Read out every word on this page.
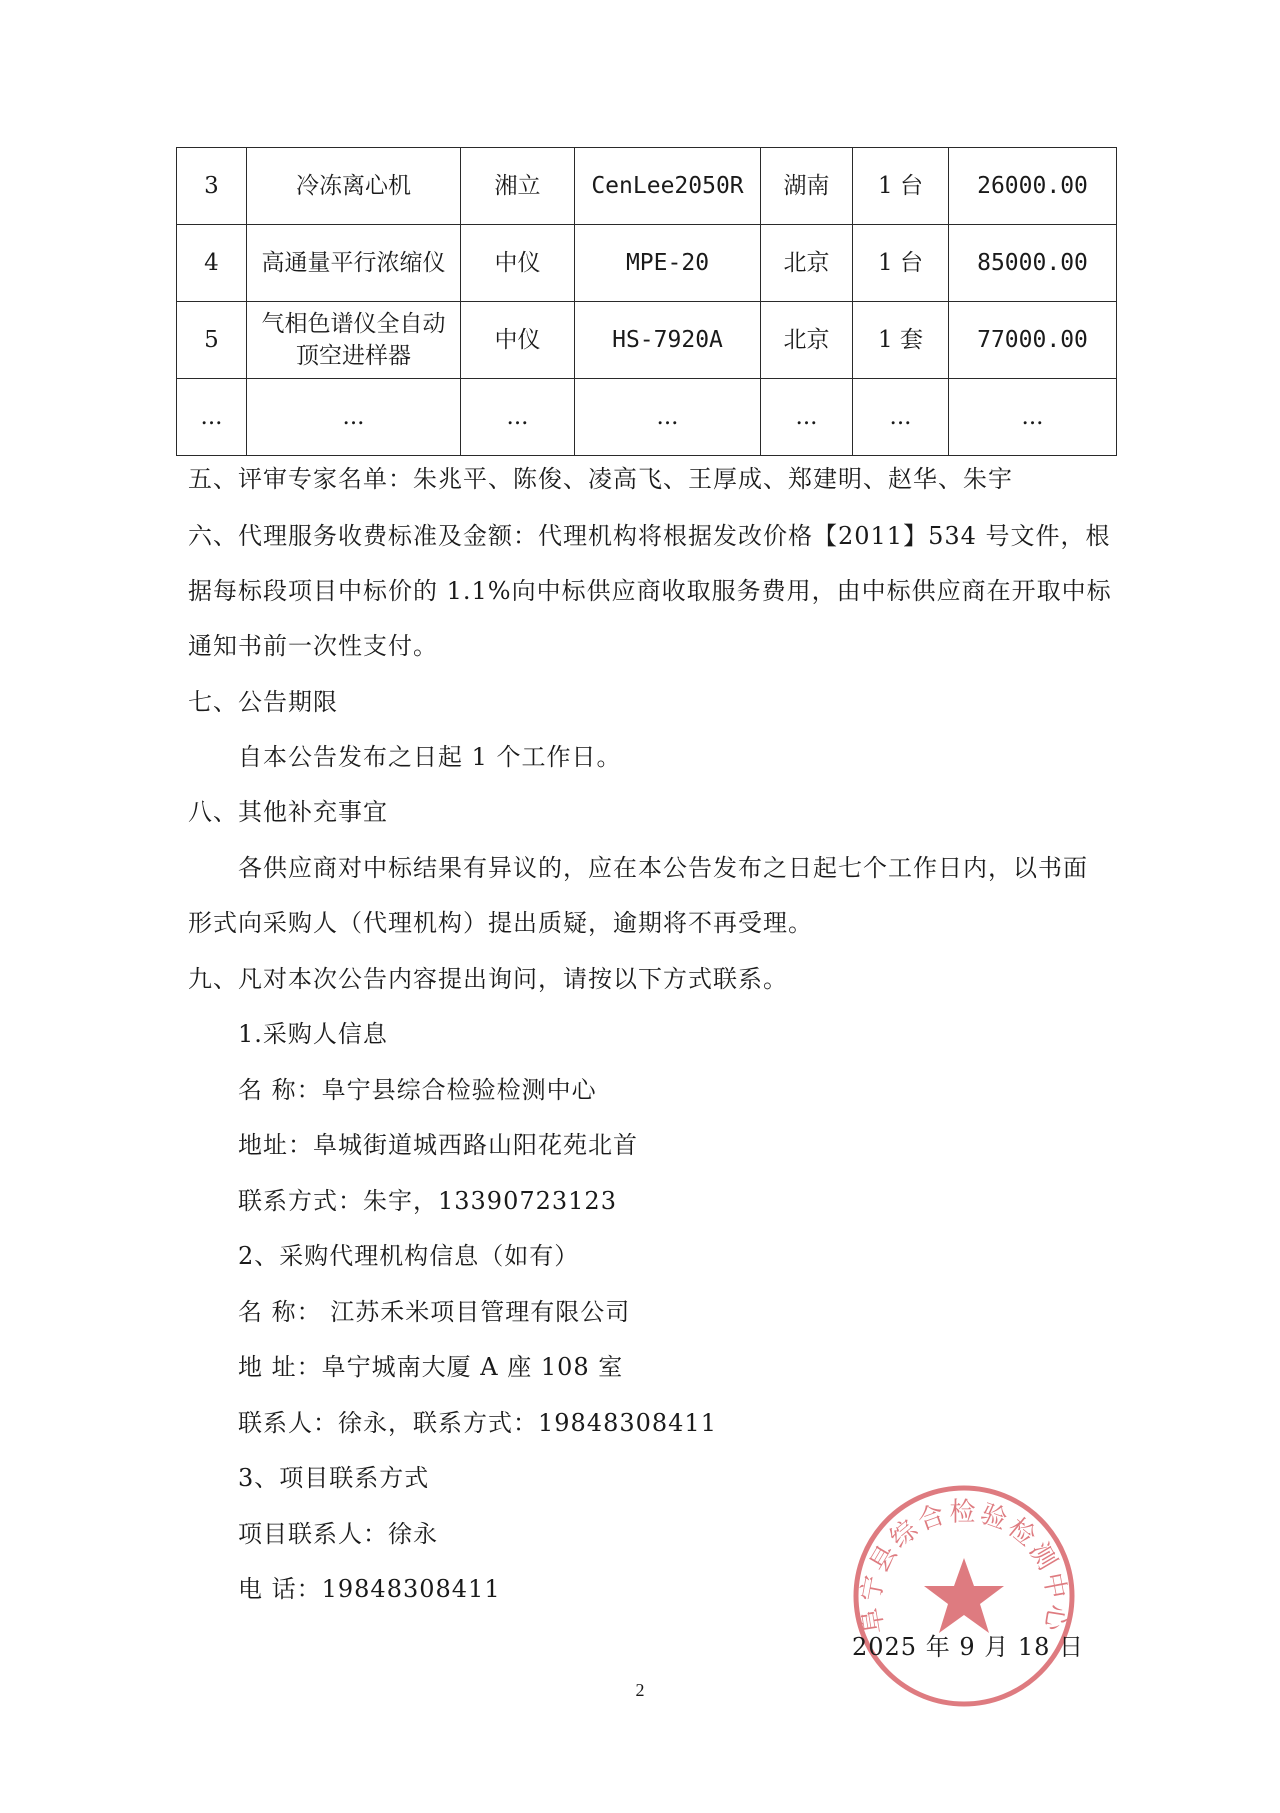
3	冷冻离心机	湘立	CenLee2050R	湖南	1 台	26000.00
4	高通量平行浓缩仪	中仪	MPE-20	北京	1 台	85000.00
5	气相色谱仪全自动顶空进样器	中仪	HS-7920A	北京	1 套	77000.00
...	...	...	...	...	...	...
五、评审专家名单：朱兆平、陈俊、凌高飞、王厚成、郑建明、赵华、朱宇
六、代理服务收费标准及金额：代理机构将根据发改价格【2011】534 号文件，根
据每标段项目中标价的 1.1%向中标供应商收取服务费用，由中标供应商在开取中标
通知书前一次性支付。
七、公告期限
自本公告发布之日起 1 个工作日。
八、其他补充事宜
各供应商对中标结果有异议的，应在本公告发布之日起七个工作日内，以书面
形式向采购人（代理机构）提出质疑，逾期将不再受理。
九、凡对本次公告内容提出询问，请按以下方式联系。
1.采购人信息
名 称：阜宁县综合检验检测中心
地址：阜城街道城西路山阳花苑北首
联系方式：朱宇，13390723123
2、采购代理机构信息（如有）
名 称： 江苏禾米项目管理有限公司
地 址：阜宁城南大厦 A 座 108 室
联系人：徐永，联系方式：19848308411
3、项目联系方式
项目联系人：徐永
电 话：19848308411
阜宁县综合检验检测中心
2025 年 9 月 18 日
2
